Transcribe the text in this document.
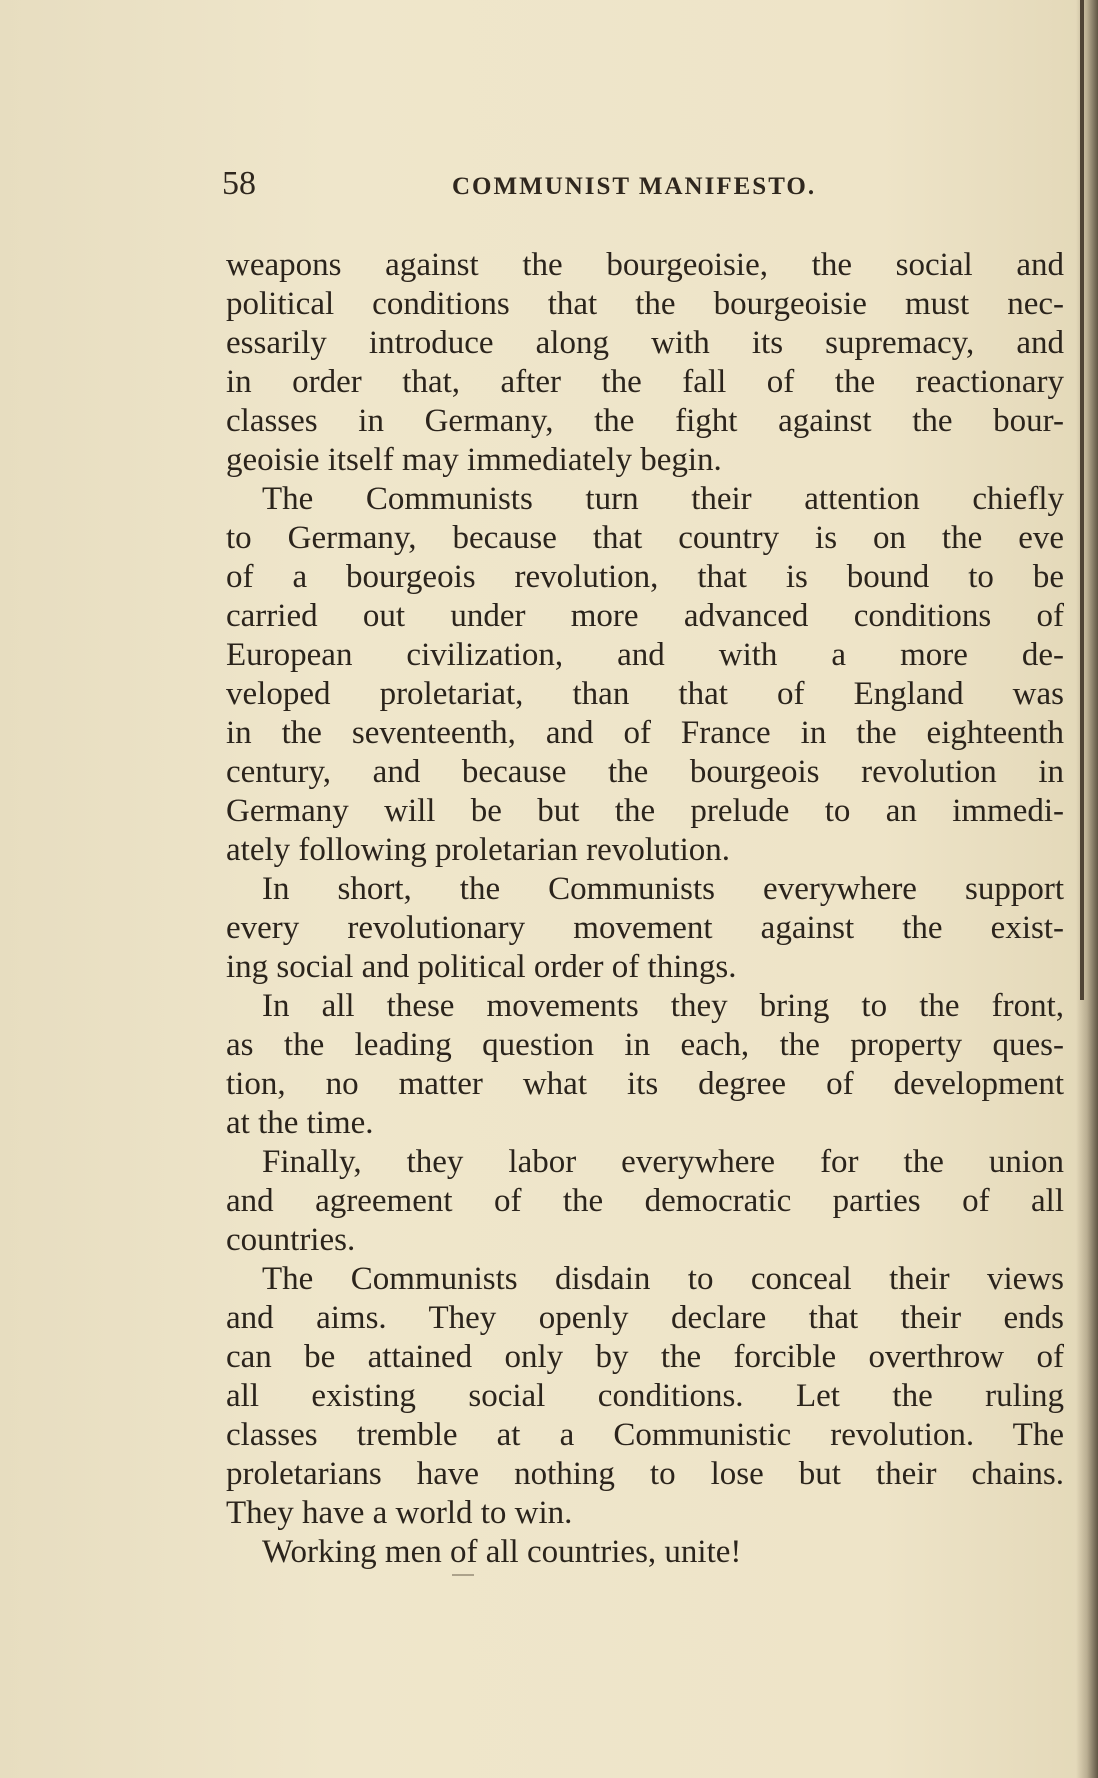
58	COMMUNIST MANIFESTO.
weapons against the bourgeoisie, the social and
political conditions that the bourgeoisie must nec-
essarily introduce along with its supremacy, and
in order that, after the fall of the reactionary
classes in Germany, the fight against the bour-
geoisie itself may immediately begin.
The Communists turn their attention chiefly
to Germany, because that country is on the eve
of a bourgeois revolution, that is bound to be
carried out under more advanced conditions of
European civilization, and with a more de-
veloped proletariat, than that of England was
in the seventeenth, and of France in the eighteenth
century, and because the bourgeois revolution in
Germany will be but the prelude to an immedi-
ately following proletarian revolution.
In short, the Communists everywhere support
every revolutionary movement against the exist-
ing social and political order of things.
In all these movements they bring to the front,
as the leading question in each, the property ques-
tion, no matter what its degree of development
at the time.
Finally, they labor everywhere for the union
and agreement of the democratic parties of all
countries.
The Communists disdain to conceal their views
and aims. They openly declare that their ends
can be attained only by the forcible overthrow of
all existing social conditions. Let the ruling
classes tremble at a Communistic revolution. The
proletarians have nothing to lose but their chains.
They have a world to win.
Working men of all countries, unite!
